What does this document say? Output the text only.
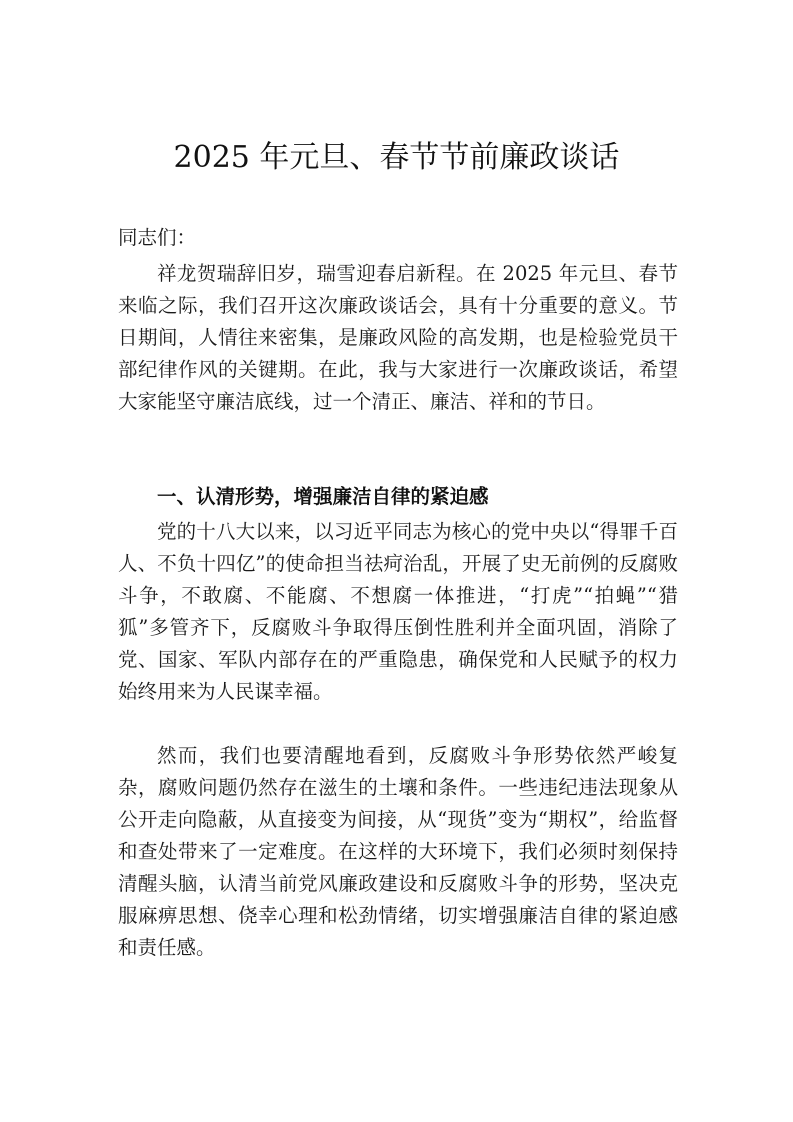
2025 年元旦、春节节前廉政谈话
同志们：

祥龙贺瑞辞旧岁，瑞雪迎春启新程。在 2025 年元旦、春节来临之际，我们召开这次廉政谈话会，具有十分重要的意义。节日期间，人情往来密集，是廉政风险的高发期，也是检验党员干部纪律作风的关键期。在此，我与大家进行一次廉政谈话，希望大家能坚守廉洁底线，过一个清正、廉洁、祥和的节日。

一、认清形势，增强廉洁自律的紧迫感

党的十八大以来，以习近平同志为核心的党中央以“得罪千百人、不负十四亿”的使命担当祛疴治乱，开展了史无前例的反腐败斗争，不敢腐、不能腐、不想腐一体推进，“打虎”“拍蝇”“猎狐”多管齐下，反腐败斗争取得压倒性胜利并全面巩固，消除了党、国家、军队内部存在的严重隐患，确保党和人民赋予的权力始终用来为人民谋幸福。

然而，我们也要清醒地看到，反腐败斗争形势依然严峻复杂，腐败问题仍然存在滋生的土壤和条件。一些违纪违法现象从公开走向隐蔽，从直接变为间接，从“现货”变为“期权”，给监督和查处带来了一定难度。在这样的大环境下，我们必须时刻保持清醒头脑，认清当前党风廉政建设和反腐败斗争的形势，坚决克服麻痹思想、侥幸心理和松劲情绪，切实增强廉洁自律的紧迫感和责任感。
